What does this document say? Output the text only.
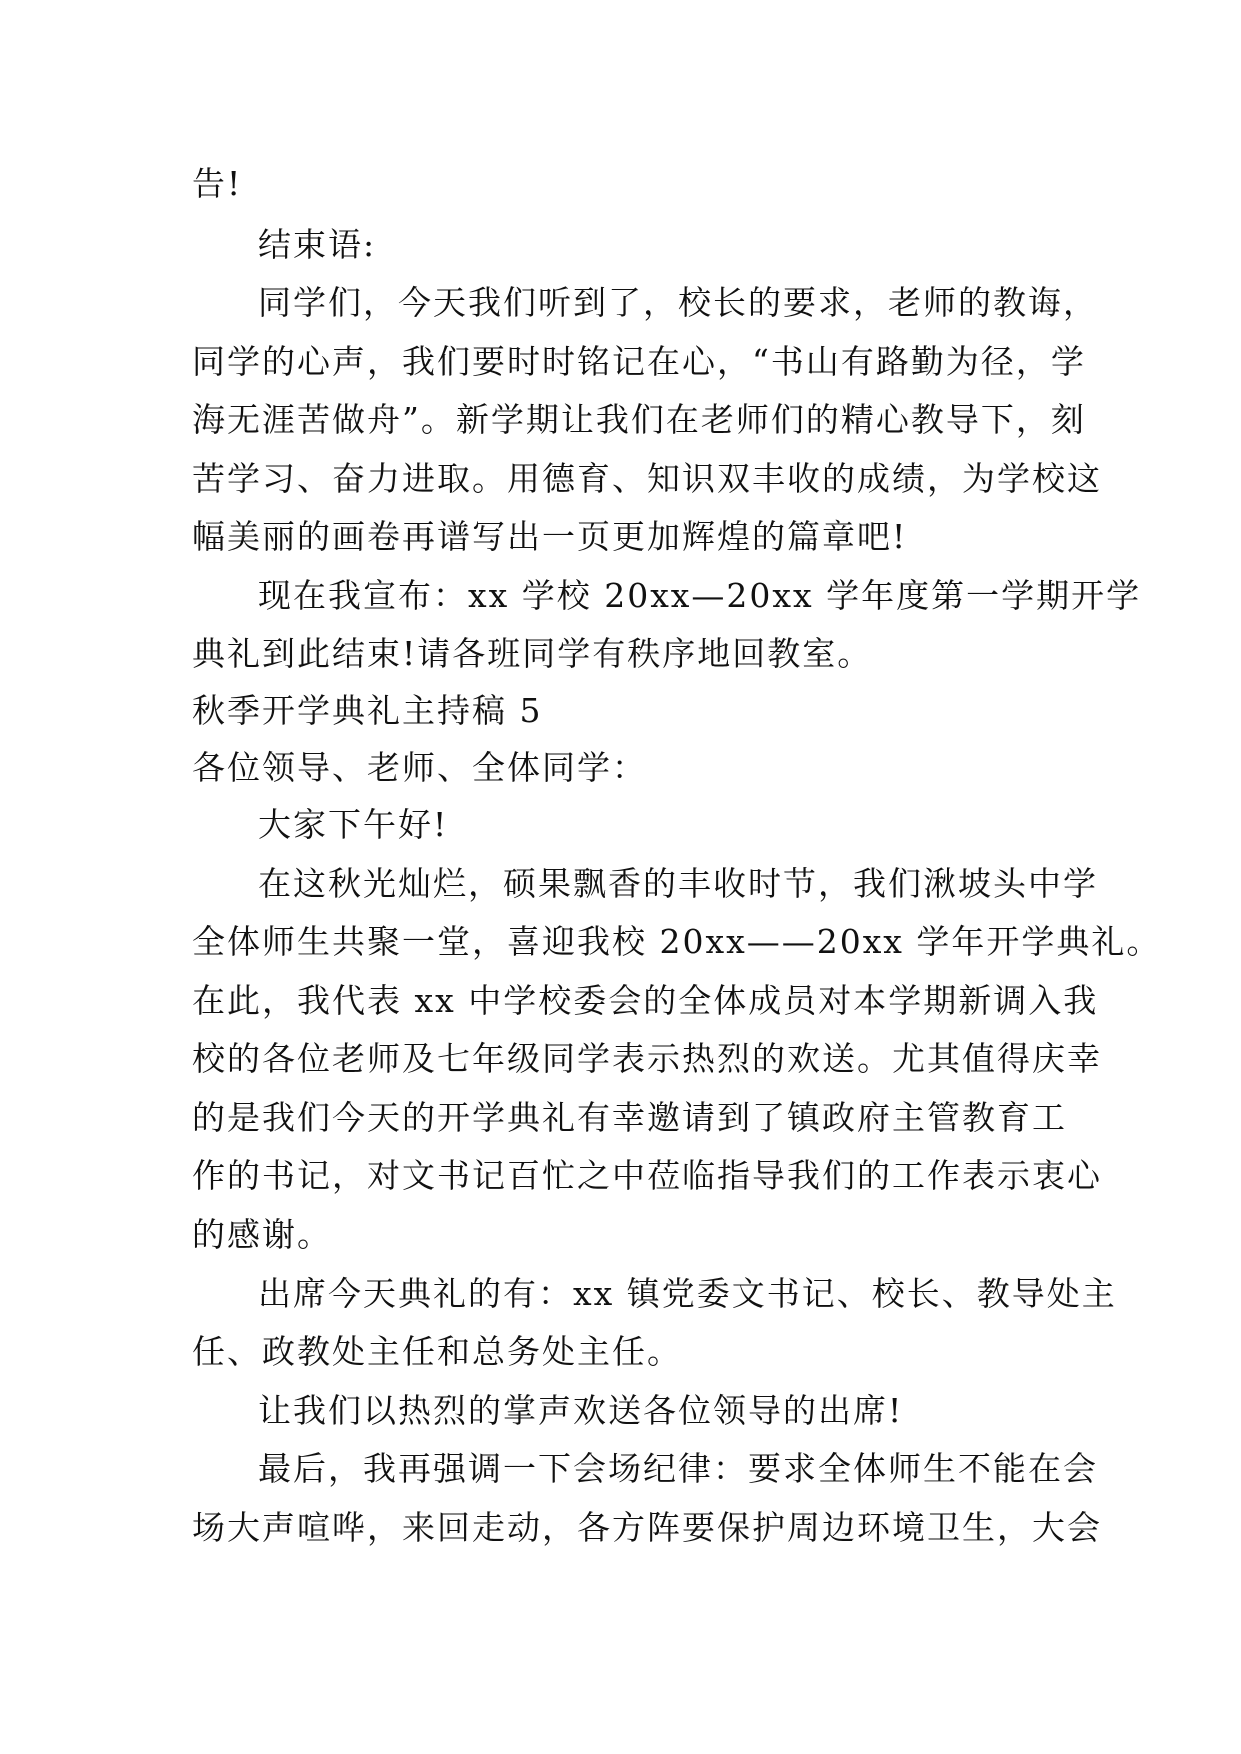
告!
结束语:
同学们，今天我们听到了，校长的要求，老师的教诲，
同学的心声，我们要时时铭记在心，“书山有路勤为径，学
海无涯苦做舟”。新学期让我们在老师们的精心教导下，刻
苦学习、奋力进取。用德育、知识双丰收的成绩，为学校这
幅美丽的画卷再谱写出一页更加辉煌的篇章吧!
现在我宣布：xx 学校 20xx—20xx 学年度第一学期开学
典礼到此结束!请各班同学有秩序地回教室。
秋季开学典礼主持稿 5
各位领导、老师、全体同学：
大家下午好!
在这秋光灿烂，硕果飘香的丰收时节，我们湫坡头中学
全体师生共聚一堂，喜迎我校 20xx——20xx 学年开学典礼。
在此，我代表 xx 中学校委会的全体成员对本学期新调入我
校的各位老师及七年级同学表示热烈的欢送。尤其值得庆幸
的是我们今天的开学典礼有幸邀请到了镇政府主管教育工
作的书记，对文书记百忙之中莅临指导我们的工作表示衷心
的感谢。
出席今天典礼的有：xx 镇党委文书记、校长、教导处主
任、政教处主任和总务处主任。
让我们以热烈的掌声欢送各位领导的出席!
最后，我再强调一下会场纪律：要求全体师生不能在会
场大声喧哗，来回走动，各方阵要保护周边环境卫生，大会
